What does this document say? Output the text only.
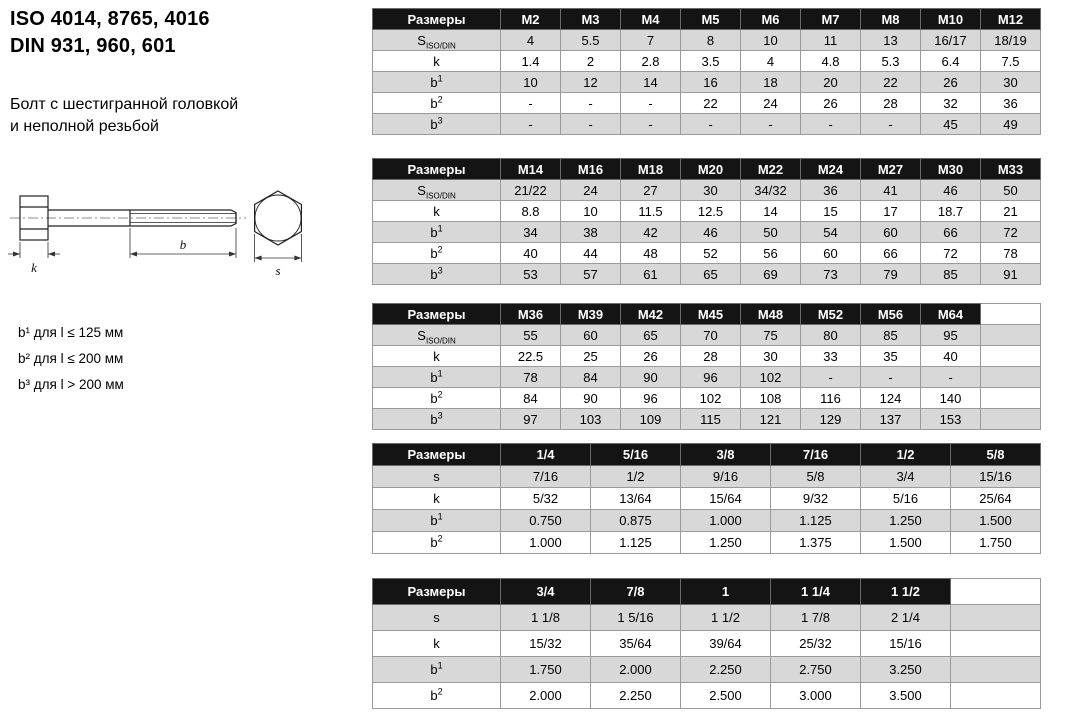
ISO 4014, 8765, 4016
DIN 931, 960, 601
Болт с шестигранной головкой
и неполной резьбой
k
b
s
b¹ для l ≤ 125 мм
b² для l ≤ 200 мм
b³ для l > 200 мм
Размеры	M2	M3	M4	M5	M6	M7	M8	M10	M12
$S_{ISO/DIN}$	4	5.5	7	8	10	11	13	16/17	18/19
k	1.4	2	2.8	3.5	4	4.8	5.3	6.4	7.5
$b^1$	10	12	14	16	18	20	22	26	30
$b^2$	-	-	-	22	24	26	28	32	36
$b^3$	-	-	-	-	-	-	-	45	49
Размеры	M14	M16	M18	M20	M22	M24	M27	M30	M33
$S_{ISO/DIN}$	21/22	24	27	30	34/32	36	41	46	50
k	8.8	10	11.5	12.5	14	15	17	18.7	21
$b^1$	34	38	42	46	50	54	60	66	72
$b^2$	40	44	48	52	56	60	66	72	78
$b^3$	53	57	61	65	69	73	79	85	91
Размеры	M36	M39	M42	M45	M48	M52	M56	M64	
$S_{ISO/DIN}$	55	60	65	70	75	80	85	95	
k	22.5	25	26	28	30	33	35	40	
$b^1$	78	84	90	96	102	-	-	-	
$b^2$	84	90	96	102	108	116	124	140	
$b^3$	97	103	109	115	121	129	137	153	
Размеры	1/4	5/16	3/8	7/16	1/2	5/8
s	7/16	1/2	9/16	5/8	3/4	15/16
k	5/32	13/64	15/64	9/32	5/16	25/64
$b^1$	0.750	0.875	1.000	1.125	1.250	1.500
$b^2$	1.000	1.125	1.250	1.375	1.500	1.750
Размеры	3/4	7/8	1	1 1/4	1 1/2	
s	1 1/8	1 5/16	1 1/2	1 7/8	2 1/4	
k	15/32	35/64	39/64	25/32	15/16	
$b^1$	1.750	2.000	2.250	2.750	3.250	
$b^2$	2.000	2.250	2.500	3.000	3.500	
